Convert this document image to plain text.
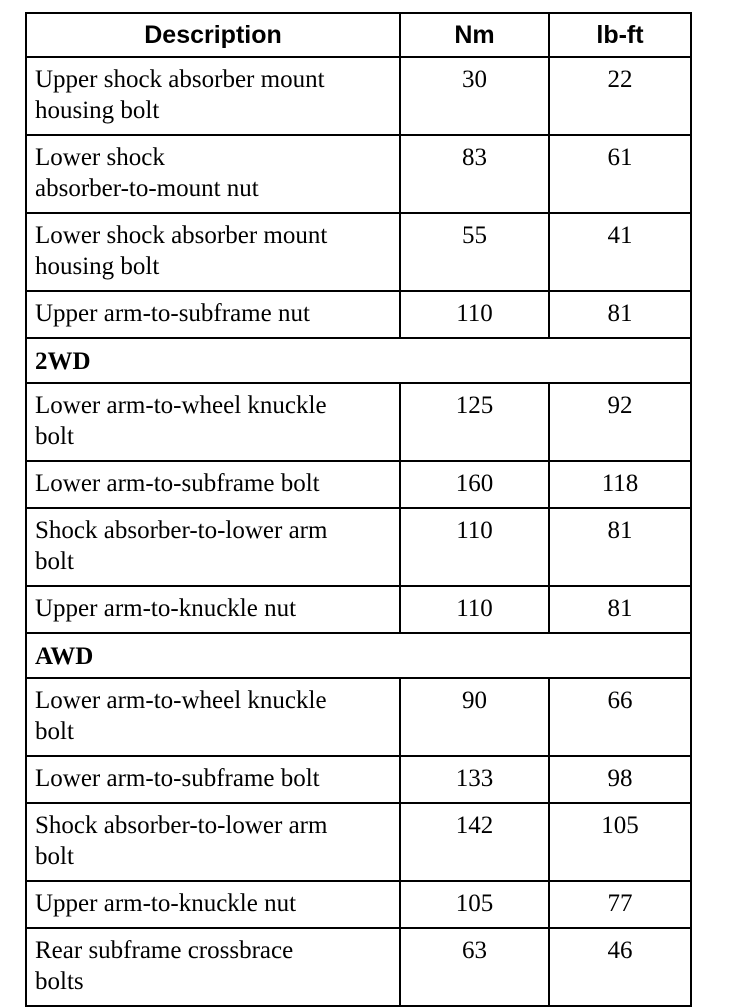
Description	Nm	lb-ft

Upper shock absorber mount
housing bolt	30	22

Lower shock
absorber-to-mount nut	83	61

Lower shock absorber mount
housing bolt	55	41

Upper arm-to-subframe nut	110	81
2WD		

Lower arm-to-wheel knuckle
bolt	125	92

Lower arm-to-subframe bolt	160	118

Shock absorber-to-lower arm
bolt	110	81

Upper arm-to-knuckle nut	110	81
AWD		

Lower arm-to-wheel knuckle
bolt	90	66

Lower arm-to-subframe bolt	133	98

Shock absorber-to-lower arm
bolt	142	105

Upper arm-to-knuckle nut	105	77

Rear subframe crossbrace
bolts	63	46
